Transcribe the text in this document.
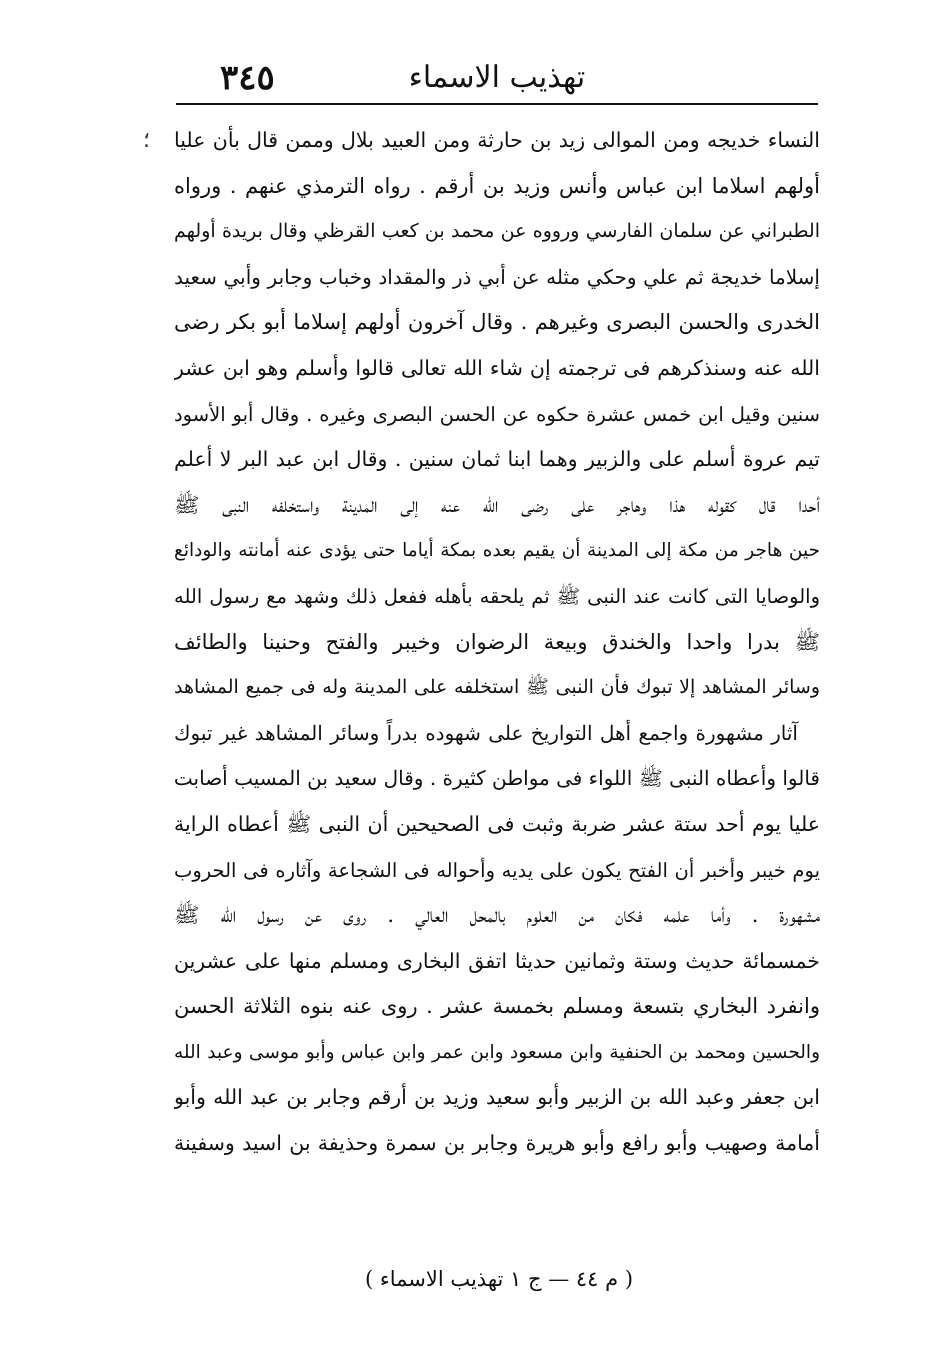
٣٤٥	تهذيب الاسماء
؛ النساء خديجه ومن الموالى زيد بن حارثة ومن العبيد بلال وممن قال بأن عليا
أولهم اسلاما ابن عباس وأنس وزيد بن أرقم . رواه الترمذي عنهم . ورواه
الطبراني عن سلمان الفارسي ورووه عن محمد بن كعب القرظي وقال بريدة أولهم
إسلاما خديجة ثم علي وحكي مثله عن أبي ذر والمقداد وخباب وجابر وأبي سعيد
الخدرى والحسن البصرى وغيرهم . وقال آخرون أولهم إسلاما أبو بكر رضى
الله عنه وسنذكرهم فى ترجمته إن شاء الله تعالى قالوا وأسلم وهو ابن عشر
سنين وقيل ابن خمس عشرة حكوه عن الحسن البصرى وغيره . وقال أبو الأسود
تيم عروة أسلم على والزبير وهما ابنا ثمان سنين . وقال ابن عبد البر لا أعلم
أحدا قال كقوله هذا وهاجر على رضى الله عنه إلى المدينة واستخلفه النبى ﷺ
حين هاجر من مكة إلى المدينة أن يقيم بعده بمكة أياما حتى يؤدى عنه أمانته والودائع
والوصايا التى كانت عند النبى ﷺ ثم يلحقه بأهله ففعل ذلك وشهد مع رسول الله
ﷺ بدرا واحدا والخندق وبيعة الرضوان وخيبر والفتح وحنينا والطائف
وسائر المشاهد إلا تبوك فأن النبى ﷺ استخلفه على المدينة وله فى جميع المشاهد
آثار مشهورة واجمع أهل التواريخ على شهوده بدراً وسائر المشاهد غير تبوك
قالوا وأعطاه النبى ﷺ اللواء فى مواطن كثيرة . وقال سعيد بن المسيب أصابت
عليا يوم أحد ستة عشر ضربة وثبت فى الصحيحين أن النبى ﷺ أعطاه الراية
يوم خيبر وأخبر أن الفتح يكون على يديه وأحواله فى الشجاعة وآثاره فى الحروب
مشهورة . وأما علمه فكان من العلوم بالمحل العالي . روى عن رسول الله ﷺ
خمسمائة حديث وستة وثمانين حديثا اتفق البخارى ومسلم منها على عشرين
وانفرد البخاري بتسعة ومسلم بخمسة عشر . روى عنه بنوه الثلاثة الحسن
والحسين ومحمد بن الحنفية وابن مسعود وابن عمر وابن عباس وأبو موسى وعبد الله
ابن جعفر وعبد الله بن الزبير وأبو سعيد وزيد بن أرقم وجابر بن عبد الله وأبو
أمامة وصهيب وأبو رافع وأبو هريرة وجابر بن سمرة وحذيفة بن اسيد وسفينة
( م ٤٤ — ج ١ تهذيب الاسماء )
